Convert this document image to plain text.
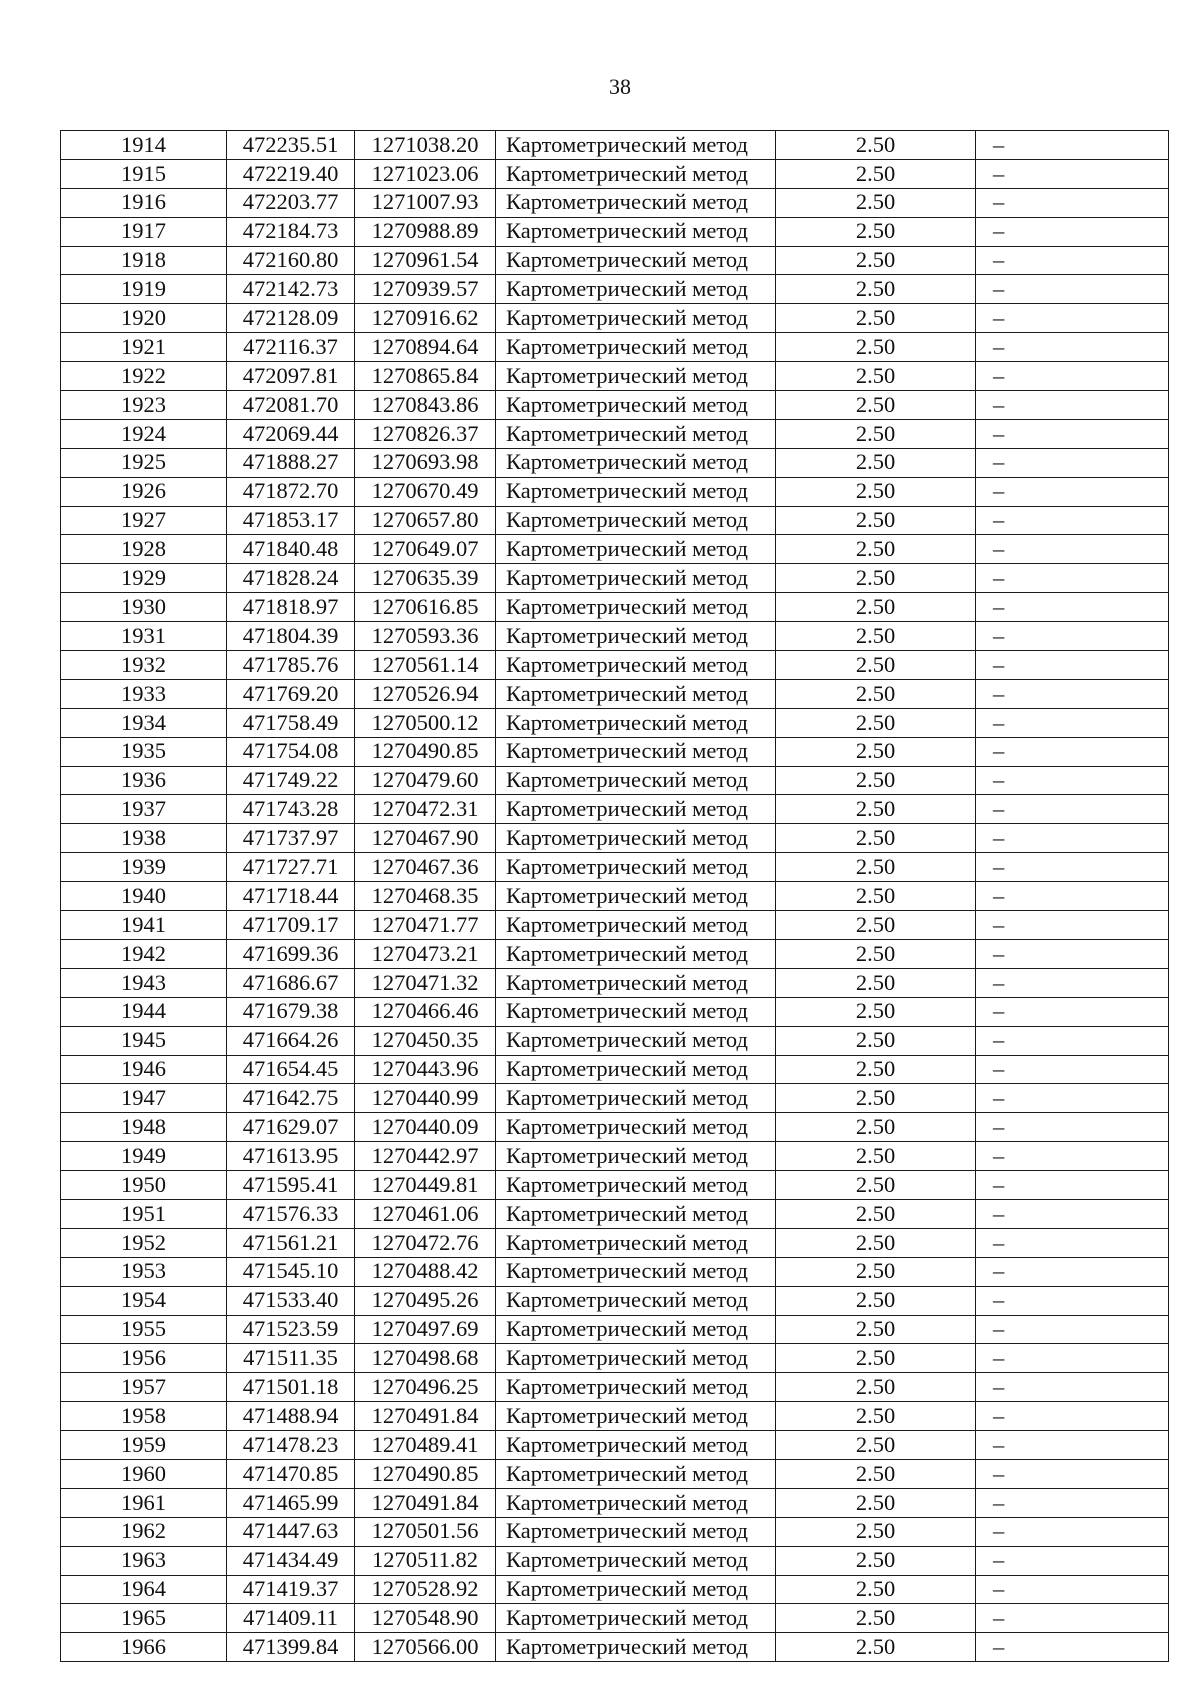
38
1914	472235.51	1271038.20	Картометрический метод	2.50	–
1915	472219.40	1271023.06	Картометрический метод	2.50	–
1916	472203.77	1271007.93	Картометрический метод	2.50	–
1917	472184.73	1270988.89	Картометрический метод	2.50	–
1918	472160.80	1270961.54	Картометрический метод	2.50	–
1919	472142.73	1270939.57	Картометрический метод	2.50	–
1920	472128.09	1270916.62	Картометрический метод	2.50	–
1921	472116.37	1270894.64	Картометрический метод	2.50	–
1922	472097.81	1270865.84	Картометрический метод	2.50	–
1923	472081.70	1270843.86	Картометрический метод	2.50	–
1924	472069.44	1270826.37	Картометрический метод	2.50	–
1925	471888.27	1270693.98	Картометрический метод	2.50	–
1926	471872.70	1270670.49	Картометрический метод	2.50	–
1927	471853.17	1270657.80	Картометрический метод	2.50	–
1928	471840.48	1270649.07	Картометрический метод	2.50	–
1929	471828.24	1270635.39	Картометрический метод	2.50	–
1930	471818.97	1270616.85	Картометрический метод	2.50	–
1931	471804.39	1270593.36	Картометрический метод	2.50	–
1932	471785.76	1270561.14	Картометрический метод	2.50	–
1933	471769.20	1270526.94	Картометрический метод	2.50	–
1934	471758.49	1270500.12	Картометрический метод	2.50	–
1935	471754.08	1270490.85	Картометрический метод	2.50	–
1936	471749.22	1270479.60	Картометрический метод	2.50	–
1937	471743.28	1270472.31	Картометрический метод	2.50	–
1938	471737.97	1270467.90	Картометрический метод	2.50	–
1939	471727.71	1270467.36	Картометрический метод	2.50	–
1940	471718.44	1270468.35	Картометрический метод	2.50	–
1941	471709.17	1270471.77	Картометрический метод	2.50	–
1942	471699.36	1270473.21	Картометрический метод	2.50	–
1943	471686.67	1270471.32	Картометрический метод	2.50	–
1944	471679.38	1270466.46	Картометрический метод	2.50	–
1945	471664.26	1270450.35	Картометрический метод	2.50	–
1946	471654.45	1270443.96	Картометрический метод	2.50	–
1947	471642.75	1270440.99	Картометрический метод	2.50	–
1948	471629.07	1270440.09	Картометрический метод	2.50	–
1949	471613.95	1270442.97	Картометрический метод	2.50	–
1950	471595.41	1270449.81	Картометрический метод	2.50	–
1951	471576.33	1270461.06	Картометрический метод	2.50	–
1952	471561.21	1270472.76	Картометрический метод	2.50	–
1953	471545.10	1270488.42	Картометрический метод	2.50	–
1954	471533.40	1270495.26	Картометрический метод	2.50	–
1955	471523.59	1270497.69	Картометрический метод	2.50	–
1956	471511.35	1270498.68	Картометрический метод	2.50	–
1957	471501.18	1270496.25	Картометрический метод	2.50	–
1958	471488.94	1270491.84	Картометрический метод	2.50	–
1959	471478.23	1270489.41	Картометрический метод	2.50	–
1960	471470.85	1270490.85	Картометрический метод	2.50	–
1961	471465.99	1270491.84	Картометрический метод	2.50	–
1962	471447.63	1270501.56	Картометрический метод	2.50	–
1963	471434.49	1270511.82	Картометрический метод	2.50	–
1964	471419.37	1270528.92	Картометрический метод	2.50	–
1965	471409.11	1270548.90	Картометрический метод	2.50	–
1966	471399.84	1270566.00	Картометрический метод	2.50	–
